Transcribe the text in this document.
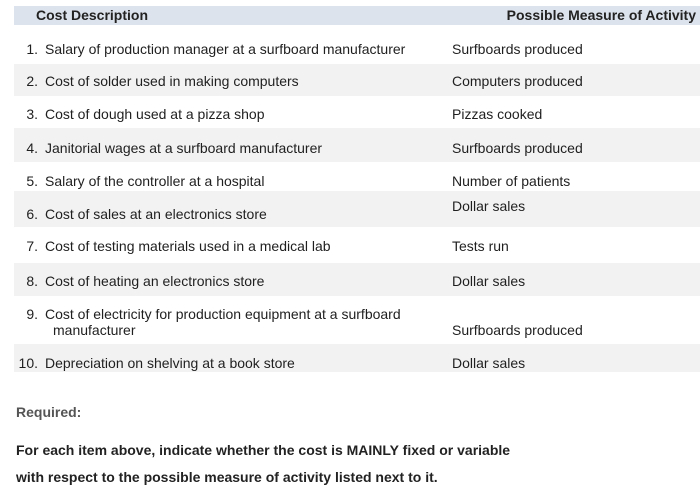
Cost Description	Possible Measure of Activity
1. Salary of production manager at a surfboard manufacturer	Surfboards produced
2. Cost of solder used in making computers	Computers produced
3. Cost of dough used at a pizza shop	Pizzas cooked
4. Janitorial wages at a surfboard manufacturer	Surfboards produced
5. Salary of the controller at a hospital	Number of patients
6. Cost of sales at an electronics store	Dollar sales
7. Cost of testing materials used in a medical lab	Tests run
8. Cost of heating an electronics store	Dollar sales
9. Cost of electricity for production equipment at a surfboard
manufacturer	Surfboards produced
10. Depreciation on shelving at a book store	Dollar sales
Required:
For each item above, indicate whether the cost is MAINLY fixed or variable
with respect to the possible measure of activity listed next to it.
